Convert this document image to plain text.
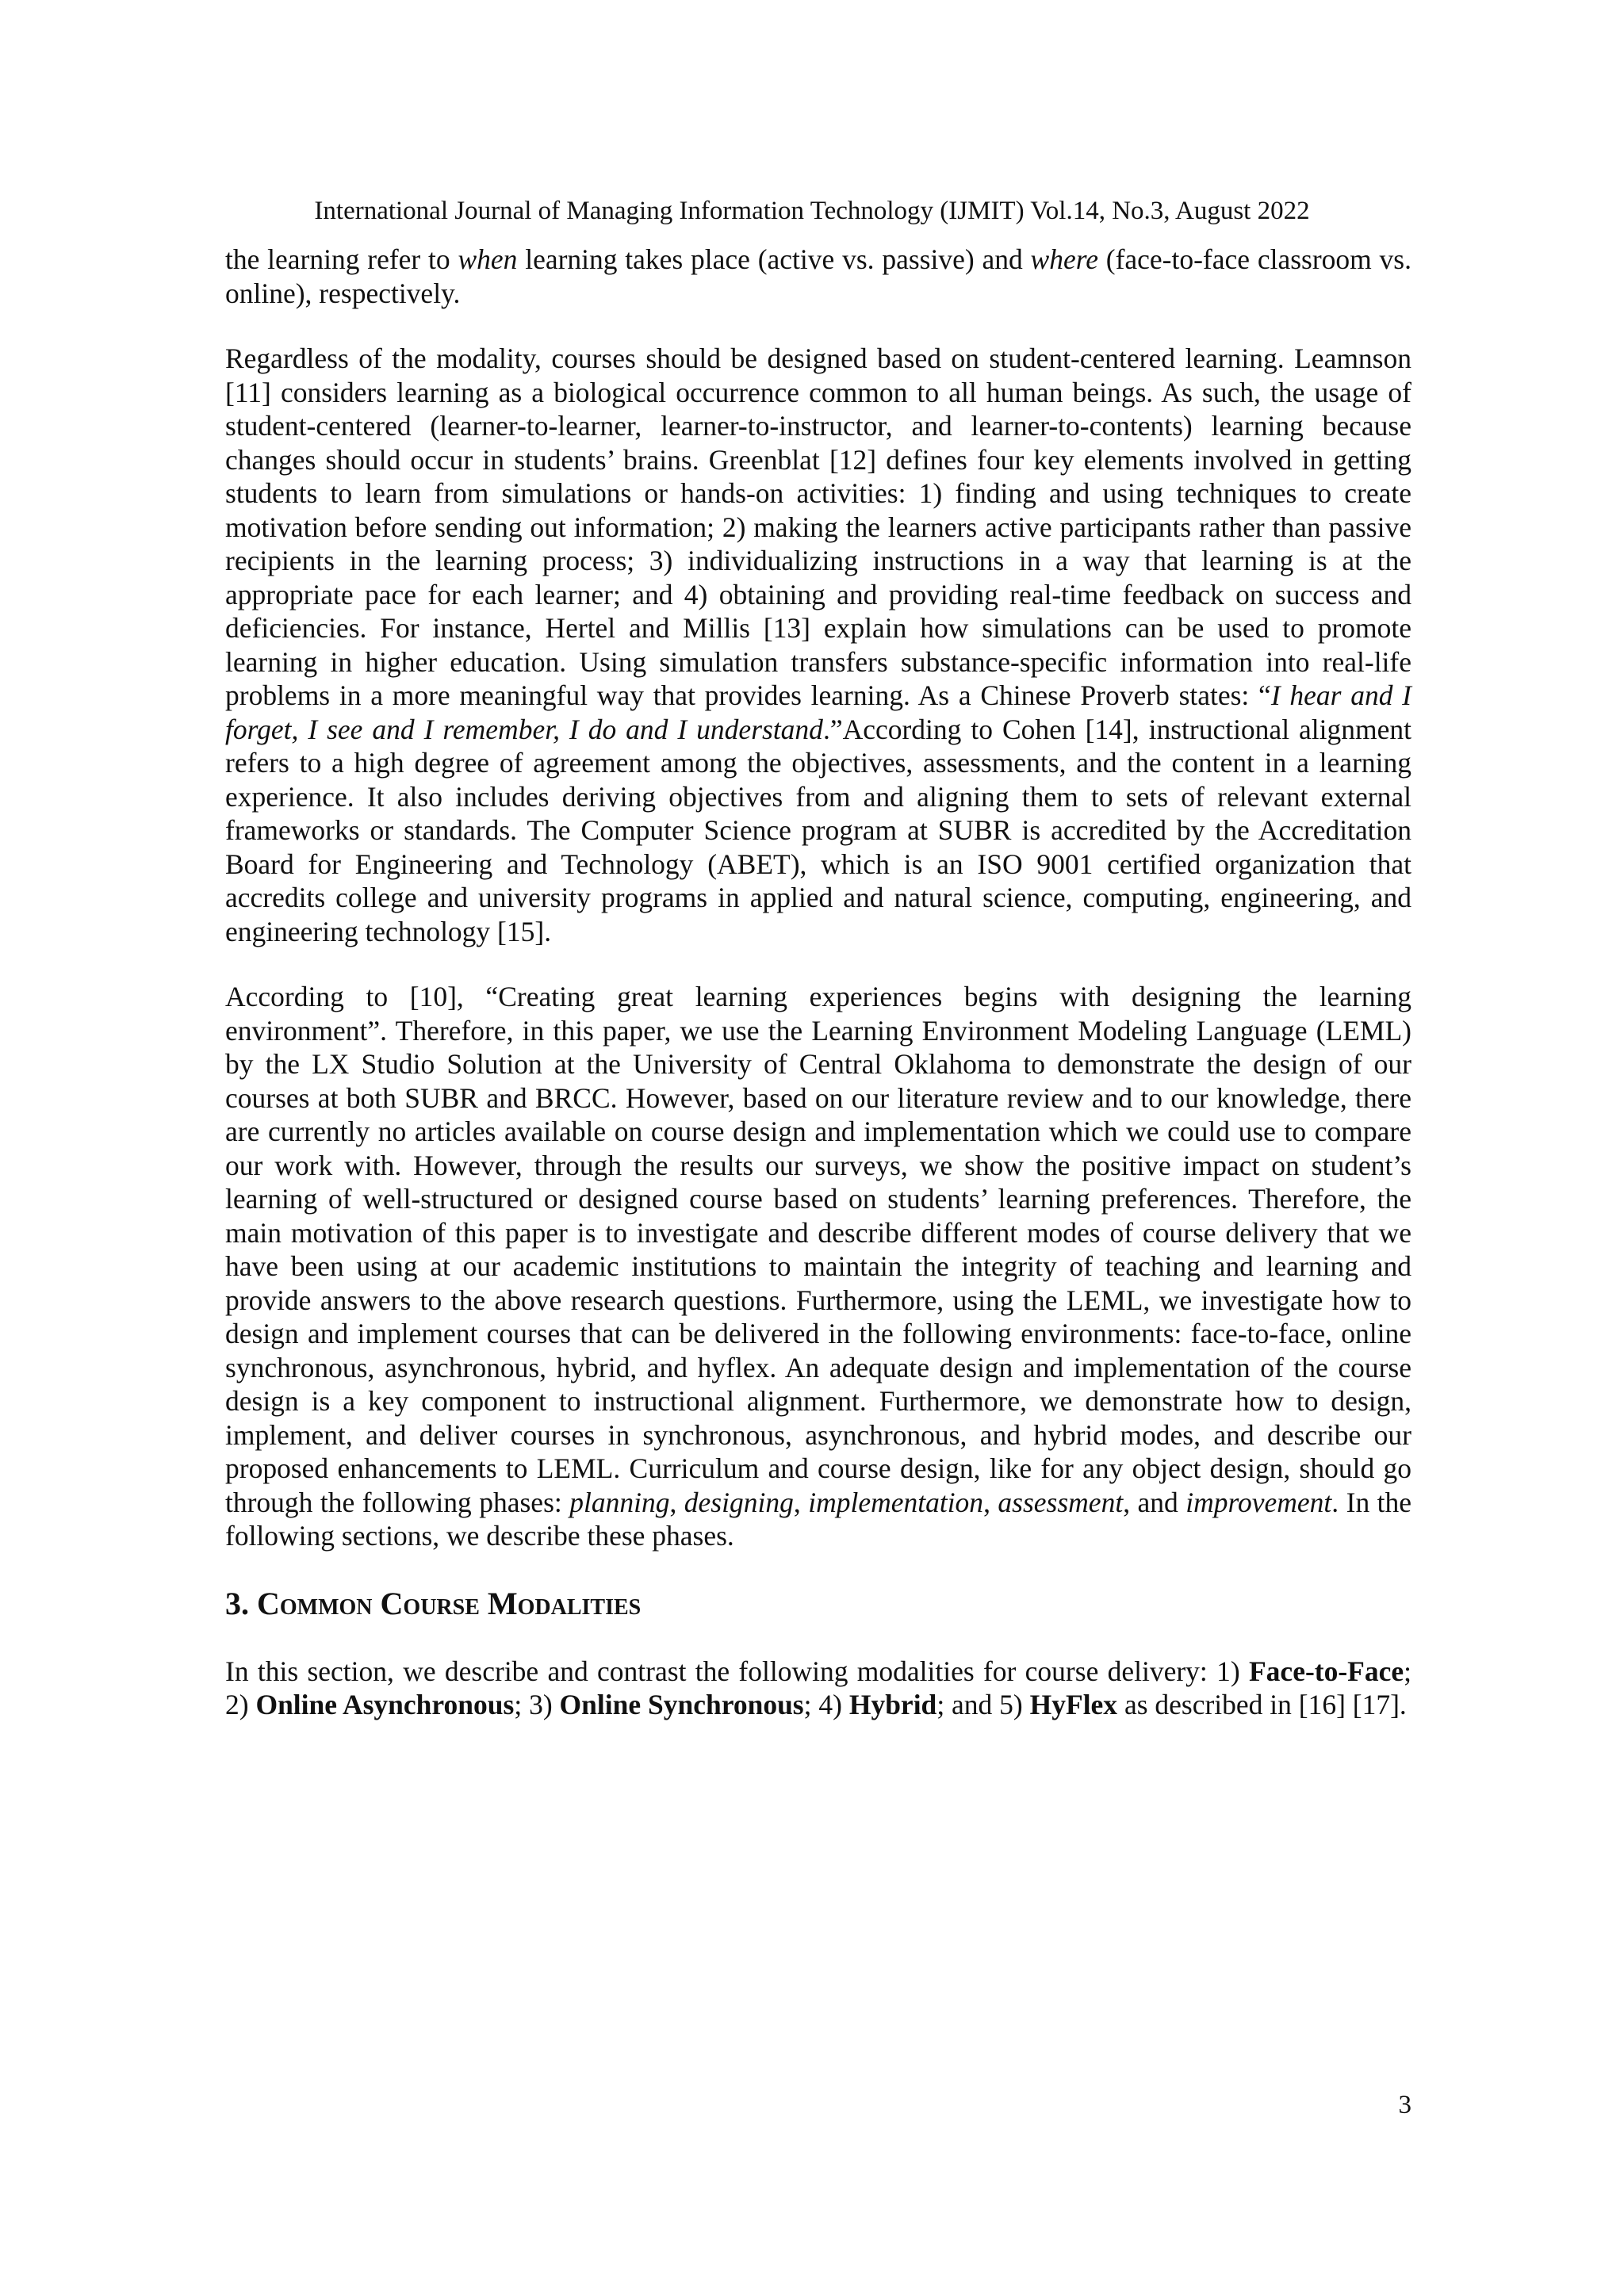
International Journal of Managing Information Technology (IJMIT) Vol.14, No.3, August 2022

the learning refer to when learning takes place (active vs. passive) and where (face-to-face classroom vs. online), respectively.

Regardless of the modality, courses should be designed based on student-centered learning. Leamnson [11] considers learning as a biological occurrence common to all human beings. As such, the usage of student-centered (learner-to-learner, learner-to-instructor, and learner-to-contents) learning because changes should occur in students’ brains. Greenblat [12] defines four key elements involved in getting students to learn from simulations or hands-on activities: 1) finding and using techniques to create motivation before sending out information; 2) making the learners active participants rather than passive recipients in the learning process; 3) individualizing instructions in a way that learning is at the appropriate pace for each learner; and 4) obtaining and providing real-time feedback on success and deficiencies. For instance, Hertel and Millis [13] explain how simulations can be used to promote learning in higher education. Using simulation transfers substance-specific information into real-life problems in a more meaningful way that provides learning. As a Chinese Proverb states: “I hear and I forget, I see and I remember, I do and I understand.”According to Cohen [14], instructional alignment refers to a high degree of agreement among the objectives, assessments, and the content in a learning experience. It also includes deriving objectives from and aligning them to sets of relevant external frameworks or standards. The Computer Science program at SUBR is accredited by the Accreditation Board for Engineering and Technology (ABET), which is an ISO 9001 certified organization that accredits college and university programs in applied and natural science, computing, engineering, and engineering technology [15].

According to [10], “Creating great learning experiences begins with designing the learning environment”. Therefore, in this paper, we use the Learning Environment Modeling Language (LEML) by the LX Studio Solution at the University of Central Oklahoma to demonstrate the design of our courses at both SUBR and BRCC. However, based on our literature review and to our knowledge, there are currently no articles available on course design and implementation which we could use to compare our work with. However, through the results our surveys, we show the positive impact on student’s learning of well-structured or designed course based on students’ learning preferences. Therefore, the main motivation of this paper is to investigate and describe different modes of course delivery that we have been using at our academic institutions to maintain the integrity of teaching and learning and provide answers to the above research questions. Furthermore, using the LEML, we investigate how to design and implement courses that can be delivered in the following environments: face-to-face, online synchronous, asynchronous, hybrid, and hyflex. An adequate design and implementation of the course design is a key component to instructional alignment. Furthermore, we demonstrate how to design, implement, and deliver courses in synchronous, asynchronous, and hybrid modes, and describe our proposed enhancements to LEML. Curriculum and course design, like for any object design, should go through the following phases: planning, designing, implementation, assessment, and improvement. In the following sections, we describe these phases.

3. Common Course Modalities

In this section, we describe and contrast the following modalities for course delivery: 1) Face-to-Face; 2) Online Asynchronous; 3) Online Synchronous; 4) Hybrid; and 5) HyFlex as described in [16] [17].

3
